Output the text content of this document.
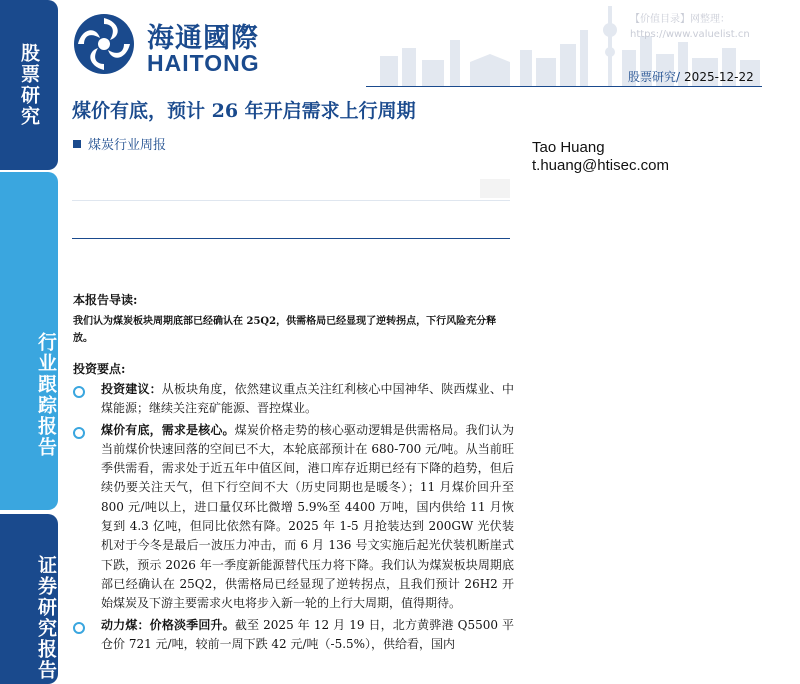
股票研究
行业跟踪报告
证券研究报告
海通國際
HAITONG
【价值目录】网整理：
https://www.valuelist.cn
股票研究/ 2025-12-22
煤价有底，预计 26 年开启需求上行周期
煤炭行业周报	Tao Huang
t.huang@htisec.com
本报告导读:
我们认为煤炭板块周期底部已经确认在 25Q2，供需格局已经显现了逆转拐点，下行风险充分释放。
投资要点:
投资建议：从板块角度，依然建议重点关注红利核心中国神华、陕西煤业、中煤能源；继续关注兖矿能源、晋控煤业。
煤价有底，需求是核心。煤炭价格走势的核心驱动逻辑是供需格局。我们认为当前煤价快速回落的空间已不大，本轮底部预计在 680-700 元/吨。从当前旺季供需看，需求处于近五年中值区间，港口库存近期已经有下降的趋势，但后续仍要关注天气，但下行空间不大（历史同期也是暖冬）；11 月煤价回升至 800 元/吨以上，进口量仅环比微增 5.9%至 4400 万吨，国内供给 11 月恢复到 4.3 亿吨，但同比依然有降。2025 年 1-5 月抢装达到 200GW 光伏装机对于今冬是最后一波压力冲击，而 6 月 136 号文实施后起光伏装机断崖式下跌，预示 2026 年一季度新能源替代压力将下降。我们认为煤炭板块周期底部已经确认在 25Q2，供需格局已经显现了逆转拐点，且我们预计 26H2 开始煤炭及下游主要需求火电将步入新一轮的上行大周期，值得期待。
动力煤：价格淡季回升。截至 2025 年 12 月 19 日，北方黄骅港 Q5500 平仓价 721 元/吨，较前一周下跌 42 元/吨（-5.5%），供给看，国内
